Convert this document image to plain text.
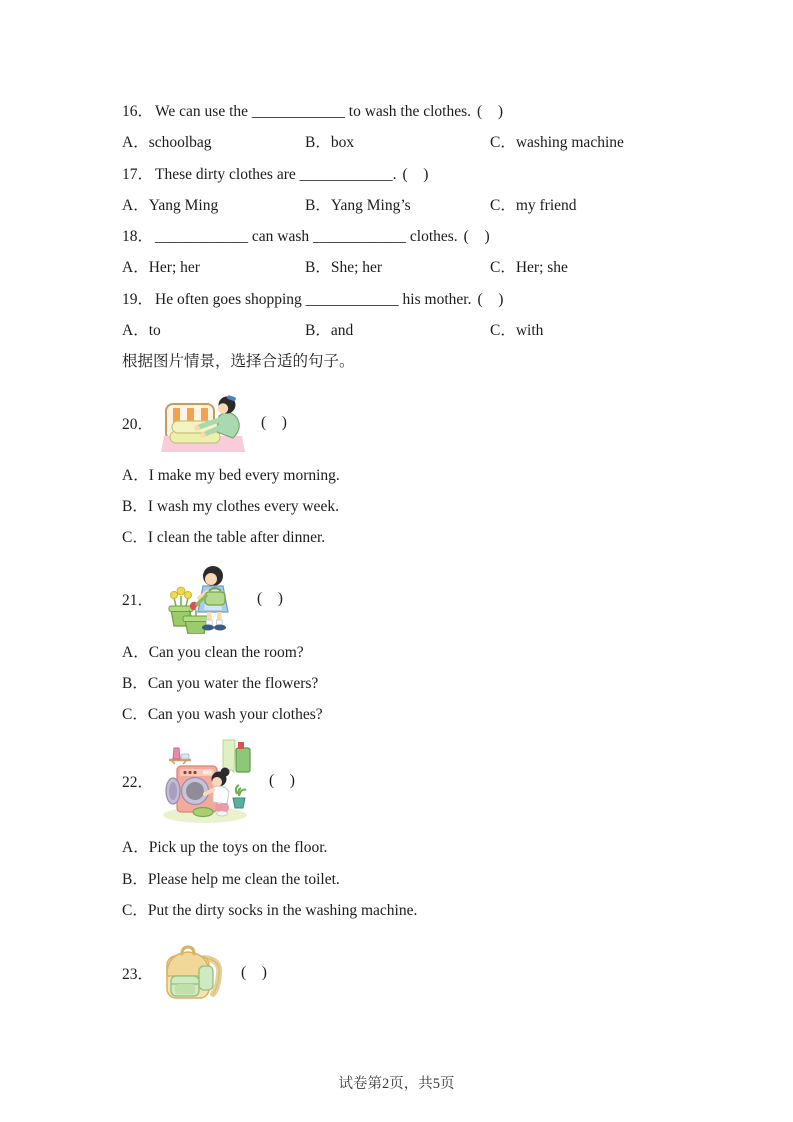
16． We can use the ____________ to wash the clothes. (   )
A．schoolbag	B．box	C．washing machine
17． These dirty clothes are ____________. (   )
A．Yang Ming	B．Yang Ming’s	C．my friend
18． ____________ can wash ____________ clothes. (   )
A．Her; her	B．She; her	C．Her; she
19． He often goes shopping ____________ his mother. (   )
A．to	B．and	C．with
根据图片情景，选择合适的句子。
20．	(   )
A．I make my bed every morning.
B．I wash my clothes every week.
C．I clean the table after dinner.
21．	(   )
A．Can you clean the room?
B．Can you water the flowers?
C．Can you wash your clothes?
22．	(   )
A．Pick up the toys on the floor.
B．Please help me clean the toilet.
C．Put the dirty socks in the washing machine.
23．	(   )
试卷第2页，共5页
